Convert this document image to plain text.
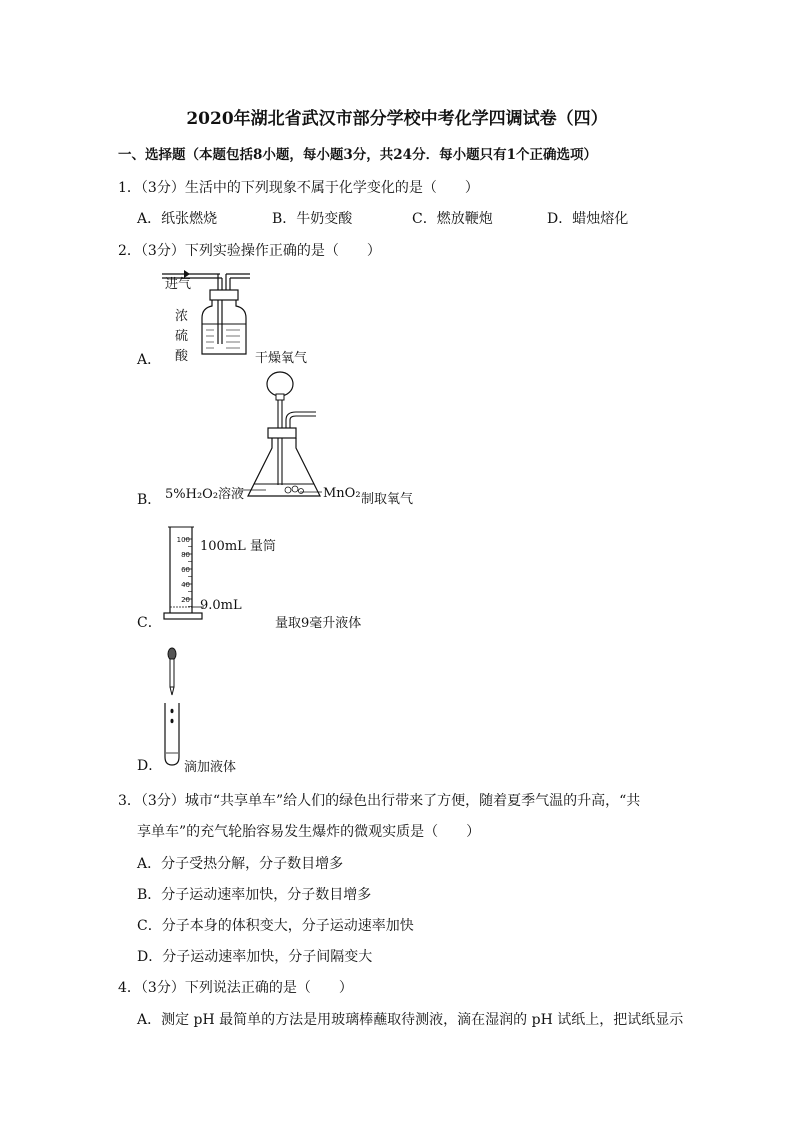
2020年湖北省武汉市部分学校中考化学四调试卷（四）
一、选择题（本题包括8小题，每小题3分，共24分．每小题只有1个正确选项）
1．（3分）生活中的下列现象不属于化学变化的是（　　）
A．纸张燃烧	B．牛奶变酸	C．燃放鞭炮	D．蜡烛熔化
2．（3分）下列实验操作正确的是（　　）
A．
进气
浓
硫
酸	干燥氧气
B． 5%H₂O₂溶液	MnO₂ 制取氧气
C．
100
80
60
40
20
100mL 量筒
9.0mL
量取9毫升液体
D． 滴加液体
3．（3分）城市“共享单车”给人们的绿色出行带来了方便，随着夏季气温的升高，“共
享单车”的充气轮胎容易发生爆炸的微观实质是（　　）
A．分子受热分解，分子数目增多
B．分子运动速率加快，分子数目增多
C．分子本身的体积变大，分子运动速率加快
D．分子运动速率加快，分子间隔变大
4．（3分）下列说法正确的是（　　）
A．测定 pH 最简单的方法是用玻璃棒蘸取待测液，滴在湿润的 pH 试纸上，把试纸显示
